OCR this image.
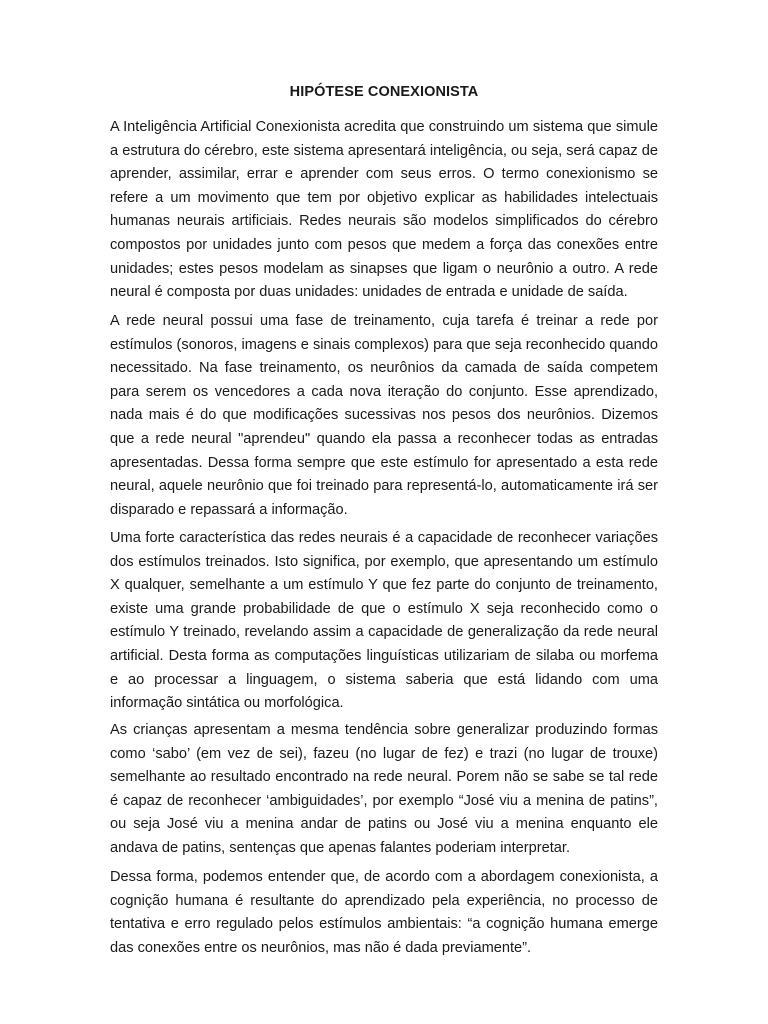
HIPÓTESE CONEXIONISTA

A Inteligência Artificial Conexionista acredita que construindo um sistema que simule a estrutura do cérebro, este sistema apresentará inteligência, ou seja, será capaz de aprender, assimilar, errar e aprender com seus erros. O termo conexionismo se refere a um movimento que tem por objetivo explicar as habilidades intelectuais humanas neurais artificiais. Redes neurais são modelos simplificados do cérebro compostos por unidades junto com pesos que medem a força das conexões entre unidades; estes pesos modelam as sinapses que ligam o neurônio a outro. A rede neural é composta por duas unidades: unidades de entrada e unidade de saída.

A rede neural possui uma fase de treinamento, cuja tarefa é treinar a rede por estímulos (sonoros, imagens e sinais complexos) para que seja reconhecido quando necessitado. Na fase treinamento, os neurônios da camada de saída competem para serem os vencedores a cada nova iteração do conjunto. Esse aprendizado, nada mais é do que modificações sucessivas nos pesos dos neurônios. Dizemos que a rede neural "aprendeu" quando ela passa a reconhecer todas as entradas apresentadas. Dessa forma sempre que este estímulo for apresentado a esta rede neural, aquele neurônio que foi treinado para representá-lo, automaticamente irá ser disparado e repassará a informação.

Uma forte característica das redes neurais é a capacidade de reconhecer variações dos estímulos treinados. Isto significa, por exemplo, que apresentando um estímulo X qualquer, semelhante a um estímulo Y que fez parte do conjunto de treinamento, existe uma grande probabilidade de que o estímulo X seja reconhecido como o estímulo Y treinado, revelando assim a capacidade de generalização da rede neural artificial. Desta forma as computações linguísticas utilizariam de silaba ou morfema e ao processar a linguagem, o sistema saberia que está lidando com uma informação sintática ou morfológica.

As crianças apresentam a mesma tendência sobre generalizar produzindo formas como ‘sabo’ (em vez de sei), fazeu (no lugar de fez) e trazi (no lugar de trouxe) semelhante ao resultado encontrado na rede neural. Porem não se sabe se tal rede é capaz de reconhecer ‘ambiguidades’, por exemplo “José viu a menina de patins”, ou seja José viu a menina andar de patins ou José viu a menina enquanto ele andava de patins, sentenças que apenas falantes poderiam interpretar.

Dessa forma, podemos entender que, de acordo com a abordagem conexionista, a cognição humana é resultante do aprendizado pela experiência, no processo de tentativa e erro regulado pelos estímulos ambientais: “a cognição humana emerge das conexões entre os neurônios, mas não é dada previamente”.
